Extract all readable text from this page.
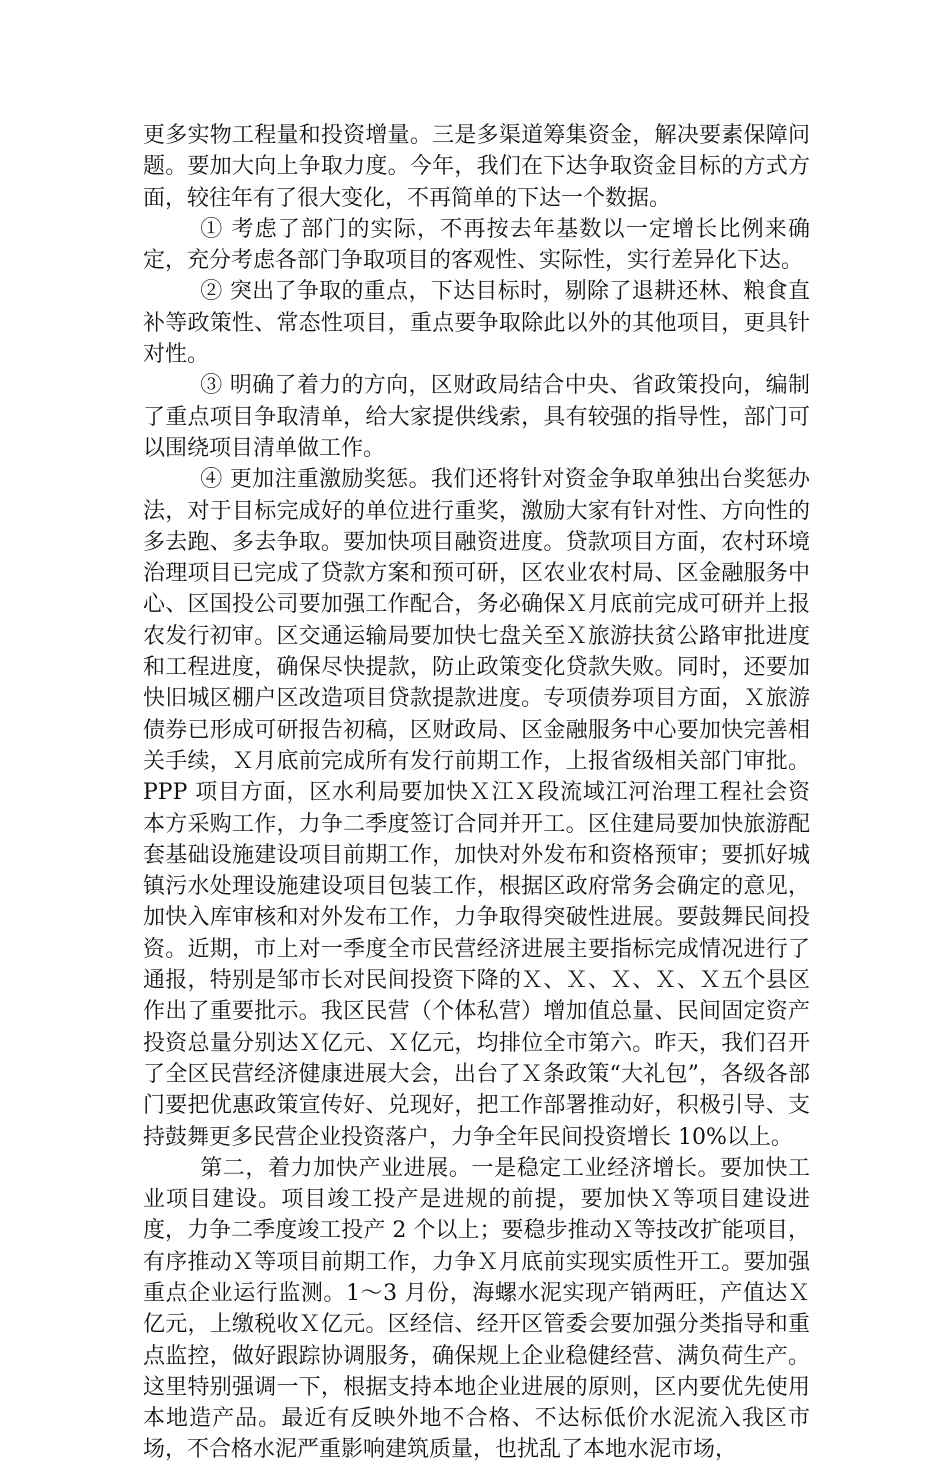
更多实物工程量和投资增量。三是多渠道筹集资金，解决要素保障问题。要加大向上争取力度。今年，我们在下达争取资金目标的方式方面，较往年有了很大变化，不再简单的下达一个数据。

① 考虑了部门的实际，不再按去年基数以一定增长比例来确定，充分考虑各部门争取项目的客观性、实际性，实行差异化下达。

② 突出了争取的重点，下达目标时，剔除了退耕还林、粮食直补等政策性、常态性项目，重点要争取除此以外的其他项目，更具针对性。

③ 明确了着力的方向，区财政局结合中央、省政策投向，编制了重点项目争取清单，给大家提供线索，具有较强的指导性，部门可以围绕项目清单做工作。

④ 更加注重激励奖惩。我们还将针对资金争取单独出台奖惩办法，对于目标完成好的单位进行重奖，激励大家有针对性、方向性的多去跑、多去争取。要加快项目融资进度。贷款项目方面，农村环境治理项目已完成了贷款方案和预可研，区农业农村局、区金融服务中心、区国投公司要加强工作配合，务必确保Ｘ月底前完成可研并上报农发行初审。区交通运输局要加快七盘关至Ｘ旅游扶贫公路审批进度和工程进度，确保尽快提款，防止政策变化贷款失败。同时，还要加快旧城区棚户区改造项目贷款提款进度。专项债券项目方面，Ｘ旅游债券已形成可研报告初稿，区财政局、区金融服务中心要加快完善相关手续，Ｘ月底前完成所有发行前期工作，上报省级相关部门审批。PPP 项目方面，区水利局要加快Ｘ江Ｘ段流域江河治理工程社会资本方采购工作，力争二季度签订合同并开工。区住建局要加快旅游配套基础设施建设项目前期工作，加快对外发布和资格预审；要抓好城镇污水处理设施建设项目包装工作，根据区政府常务会确定的意见，加快入库审核和对外发布工作，力争取得突破性进展。要鼓舞民间投资。近期，市上对一季度全市民营经济进展主要指标完成情况进行了通报，特别是邹市长对民间投资下降的Ｘ、Ｘ、Ｘ、Ｘ、Ｘ五个县区作出了重要批示。我区民营（个体私营）增加值总量、民间固定资产投资总量分别达Ｘ亿元、Ｘ亿元，均排位全市第六。昨天，我们召开了全区民营经济健康进展大会，出台了Ｘ条政策“大礼包”，各级各部门要把优惠政策宣传好、兑现好，把工作部署推动好，积极引导、支持鼓舞更多民营企业投资落户，力争全年民间投资增长 10%以上。

第二，着力加快产业进展。一是稳定工业经济增长。要加快工业项目建设。项目竣工投产是进规的前提，要加快Ｘ等项目建设进度，力争二季度竣工投产 2 个以上；要稳步推动Ｘ等技改扩能项目，有序推动Ｘ等项目前期工作，力争Ｘ月底前实现实质性开工。要加强重点企业运行监测。1～3 月份，海螺水泥实现产销两旺，产值达Ｘ亿元，上缴税收Ｘ亿元。区经信、经开区管委会要加强分类指导和重点监控，做好跟踪协调服务，确保规上企业稳健经营、满负荷生产。这里特别强调一下，根据支持本地企业进展的原则，区内要优先使用本地造产品。最近有反映外地不合格、不达标低价水泥流入我区市场，不合格水泥严重影响建筑质量，也扰乱了本地水泥市场，
